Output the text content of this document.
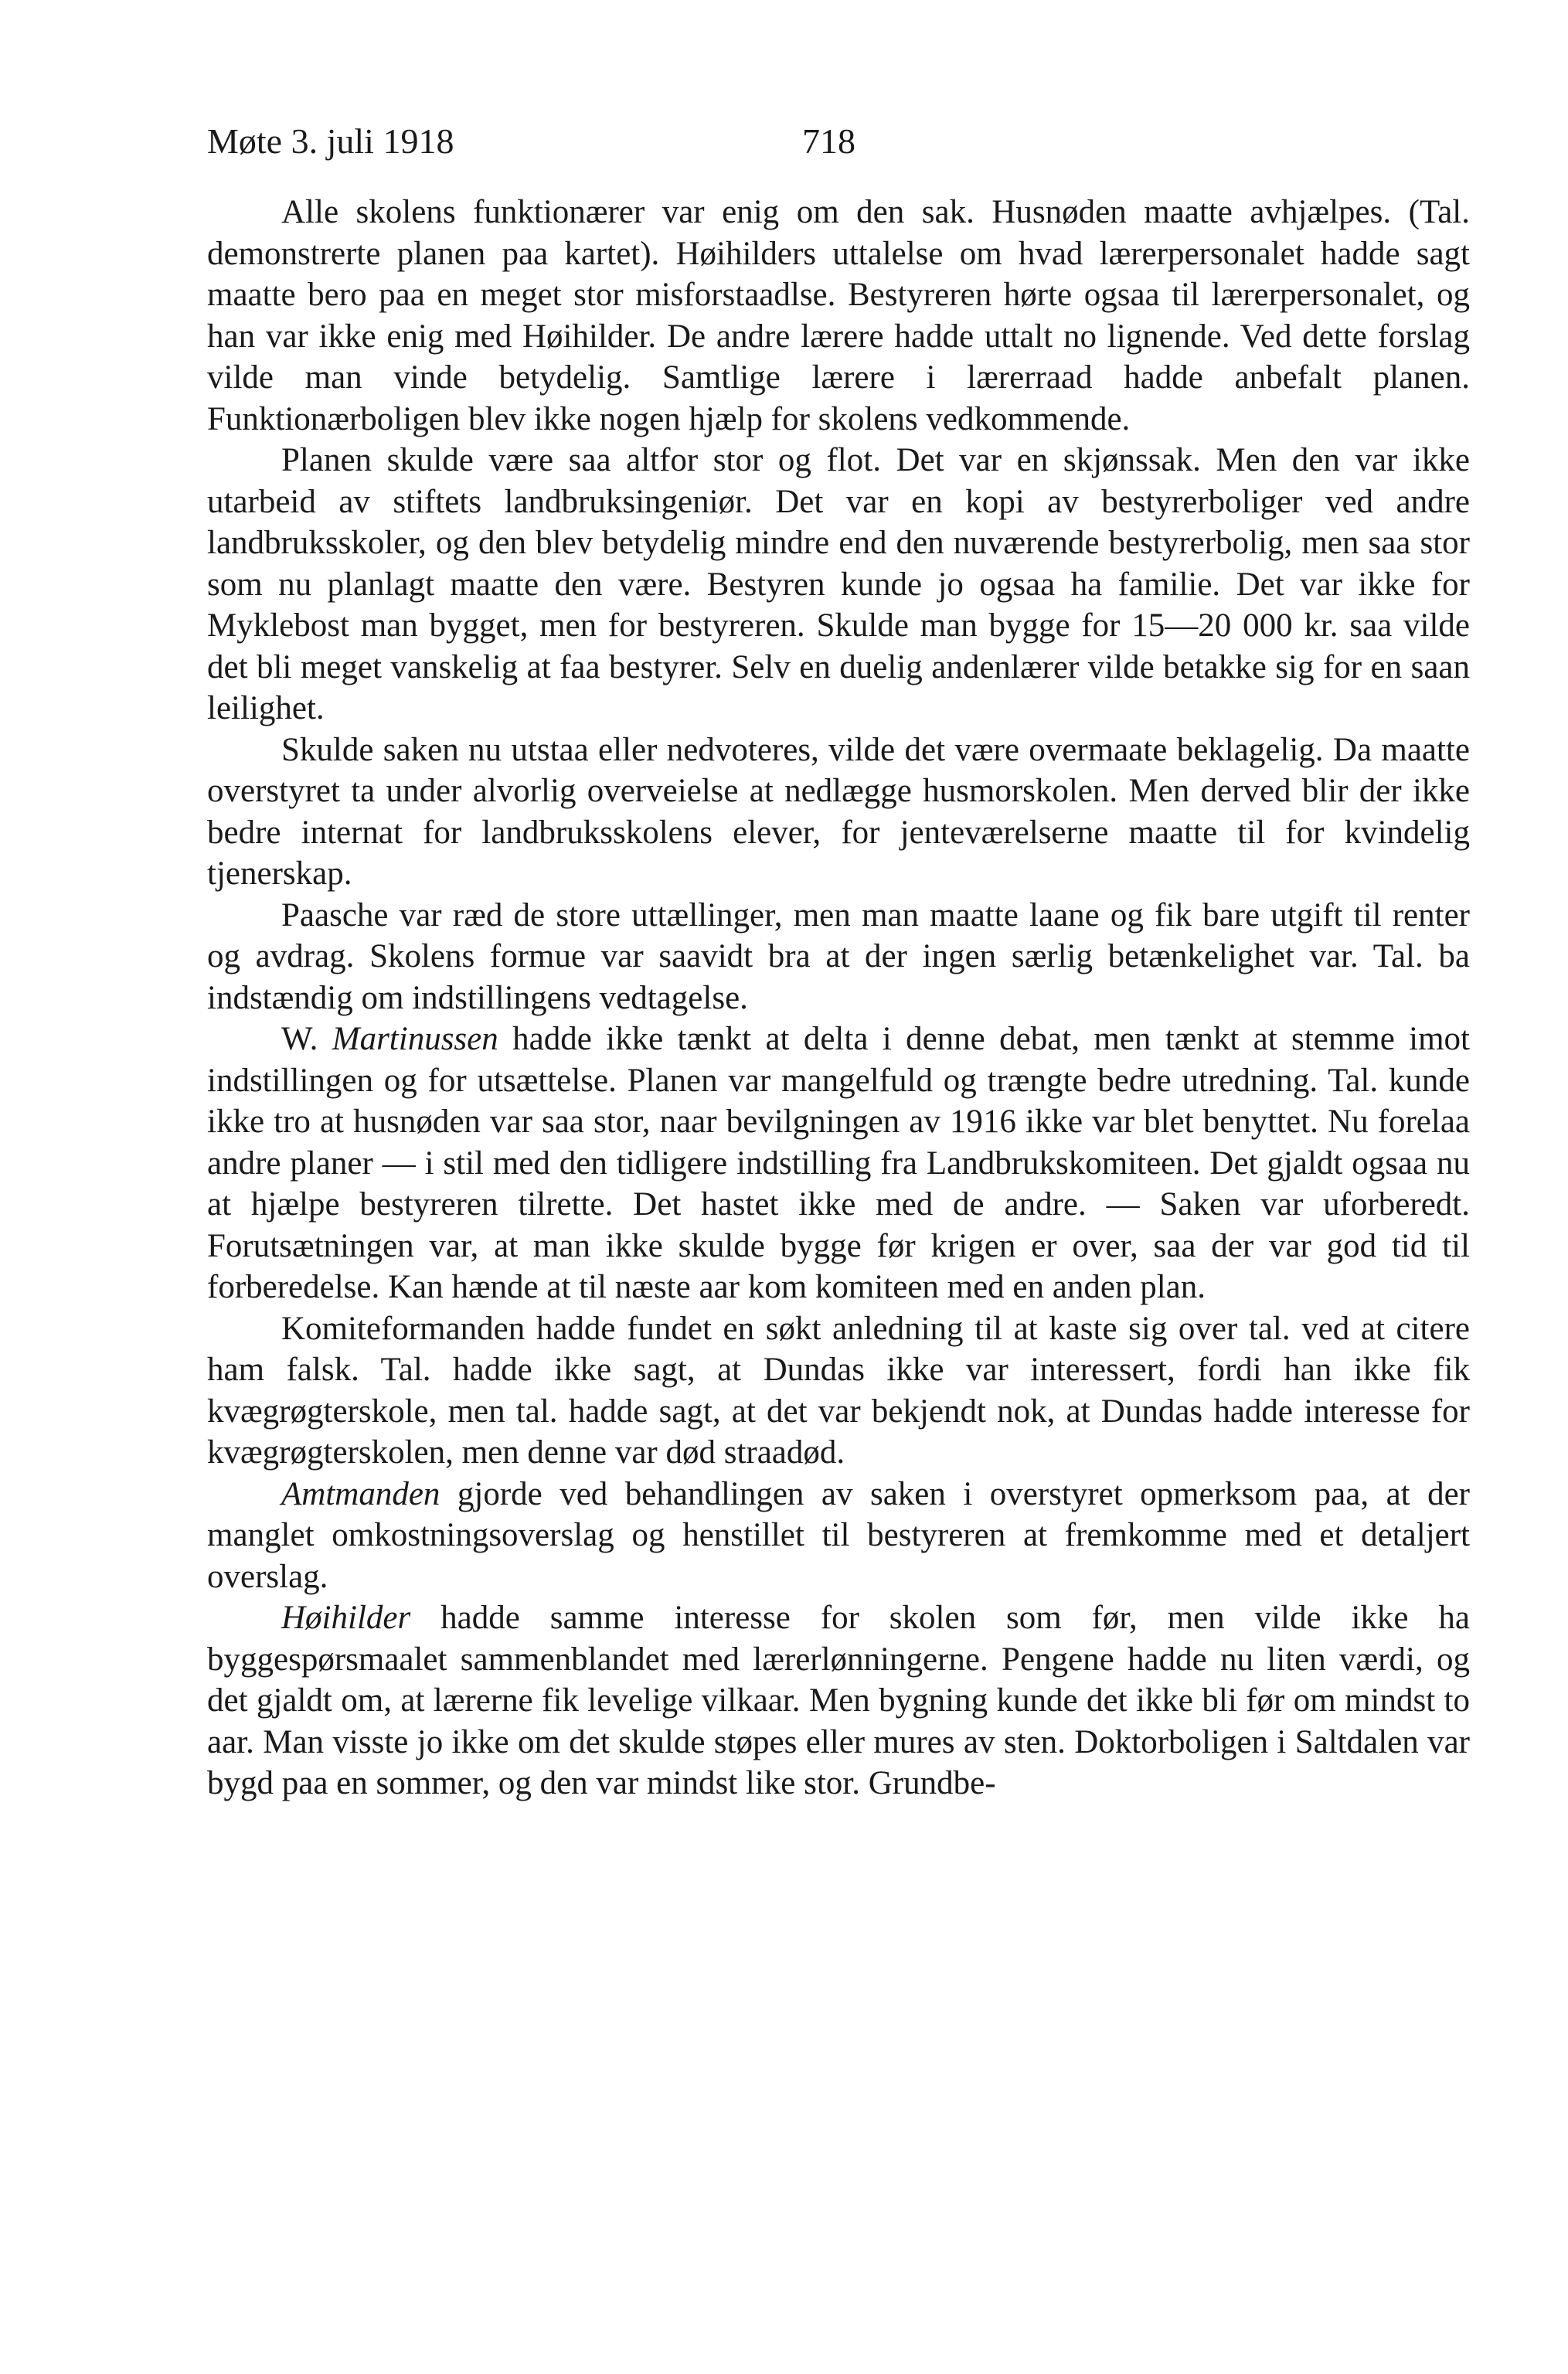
Møte 3. juli 1918	718

Alle skolens funktionærer var enig om den sak. Husnøden maatte avhjælpes. (Tal. demonstrerte planen paa kartet). Høihilders uttalelse om hvad lærerpersonalet hadde sagt maatte bero paa en meget stor misforstaadlse. Bestyreren hørte ogsaa til lærerpersonalet, og han var ikke enig med Høihilder. De andre lærere hadde uttalt no lignende. Ved dette forslag vilde man vinde betydelig. Samtlige lærere i lærerraad hadde anbefalt planen. Funktionærboligen blev ikke nogen hjælp for skolens vedkommende.

Planen skulde være saa altfor stor og flot. Det var en skjønssak. Men den var ikke utarbeid av stiftets landbruksingeniør. Det var en kopi av bestyrerboliger ved andre landbruksskoler, og den blev betydelig mindre end den nuværende bestyrerbolig, men saa stor som nu planlagt maatte den være. Bestyren kunde jo ogsaa ha familie. Det var ikke for Myklebost man bygget, men for bestyreren. Skulde man bygge for 15—20 000 kr. saa vilde det bli meget vanskelig at faa bestyrer. Selv en duelig andenlærer vilde betakke sig for en saan leilighet.

Skulde saken nu utstaa eller nedvoteres, vilde det være overmaate beklagelig. Da maatte overstyret ta under alvorlig overveielse at nedlægge husmorskolen. Men derved blir der ikke bedre internat for landbruksskolens elever, for jenteværelserne maatte til for kvindelig tjenerskap.

Paasche var ræd de store uttællinger, men man maatte laane og fik bare utgift til renter og avdrag. Skolens formue var saavidt bra at der ingen særlig betænkelighet var. Tal. ba indstændig om indstillingens vedtagelse.

W. Martinussen hadde ikke tænkt at delta i denne debat, men tænkt at stemme imot indstillingen og for utsættelse. Planen var mangelfuld og trængte bedre utredning. Tal. kunde ikke tro at husnøden var saa stor, naar bevilgningen av 1916 ikke var blet benyttet. Nu forelaa andre planer — i stil med den tidligere indstilling fra Landbrukskomiteen. Det gjaldt ogsaa nu at hjælpe bestyreren tilrette. Det hastet ikke med de andre. — Saken var uforberedt. Forutsætningen var, at man ikke skulde bygge før krigen er over, saa der var god tid til forberedelse. Kan hænde at til næste aar kom komiteen med en anden plan.

Komiteformanden hadde fundet en søkt anledning til at kaste sig over tal. ved at citere ham falsk. Tal. hadde ikke sagt, at Dundas ikke var interessert, fordi han ikke fik kvægrøgterskole, men tal. hadde sagt, at det var bekjendt nok, at Dundas hadde interesse for kvægrøgterskolen, men denne var død straadød.

Amtmanden gjorde ved behandlingen av saken i overstyret opmerksom paa, at der manglet omkostningsoverslag og henstillet til bestyreren at fremkomme med et detaljert overslag.

Høihilder hadde samme interesse for skolen som før, men vilde ikke ha byggespørsmaalet sammenblandet med lærerlønningerne. Pengene hadde nu liten værdi, og det gjaldt om, at lærerne fik levelige vilkaar. Men bygning kunde det ikke bli før om mindst to aar. Man visste jo ikke om det skulde støpes eller mures av sten. Doktorboligen i Saltdalen var bygd paa en sommer, og den var mindst like stor. Grundbe-
